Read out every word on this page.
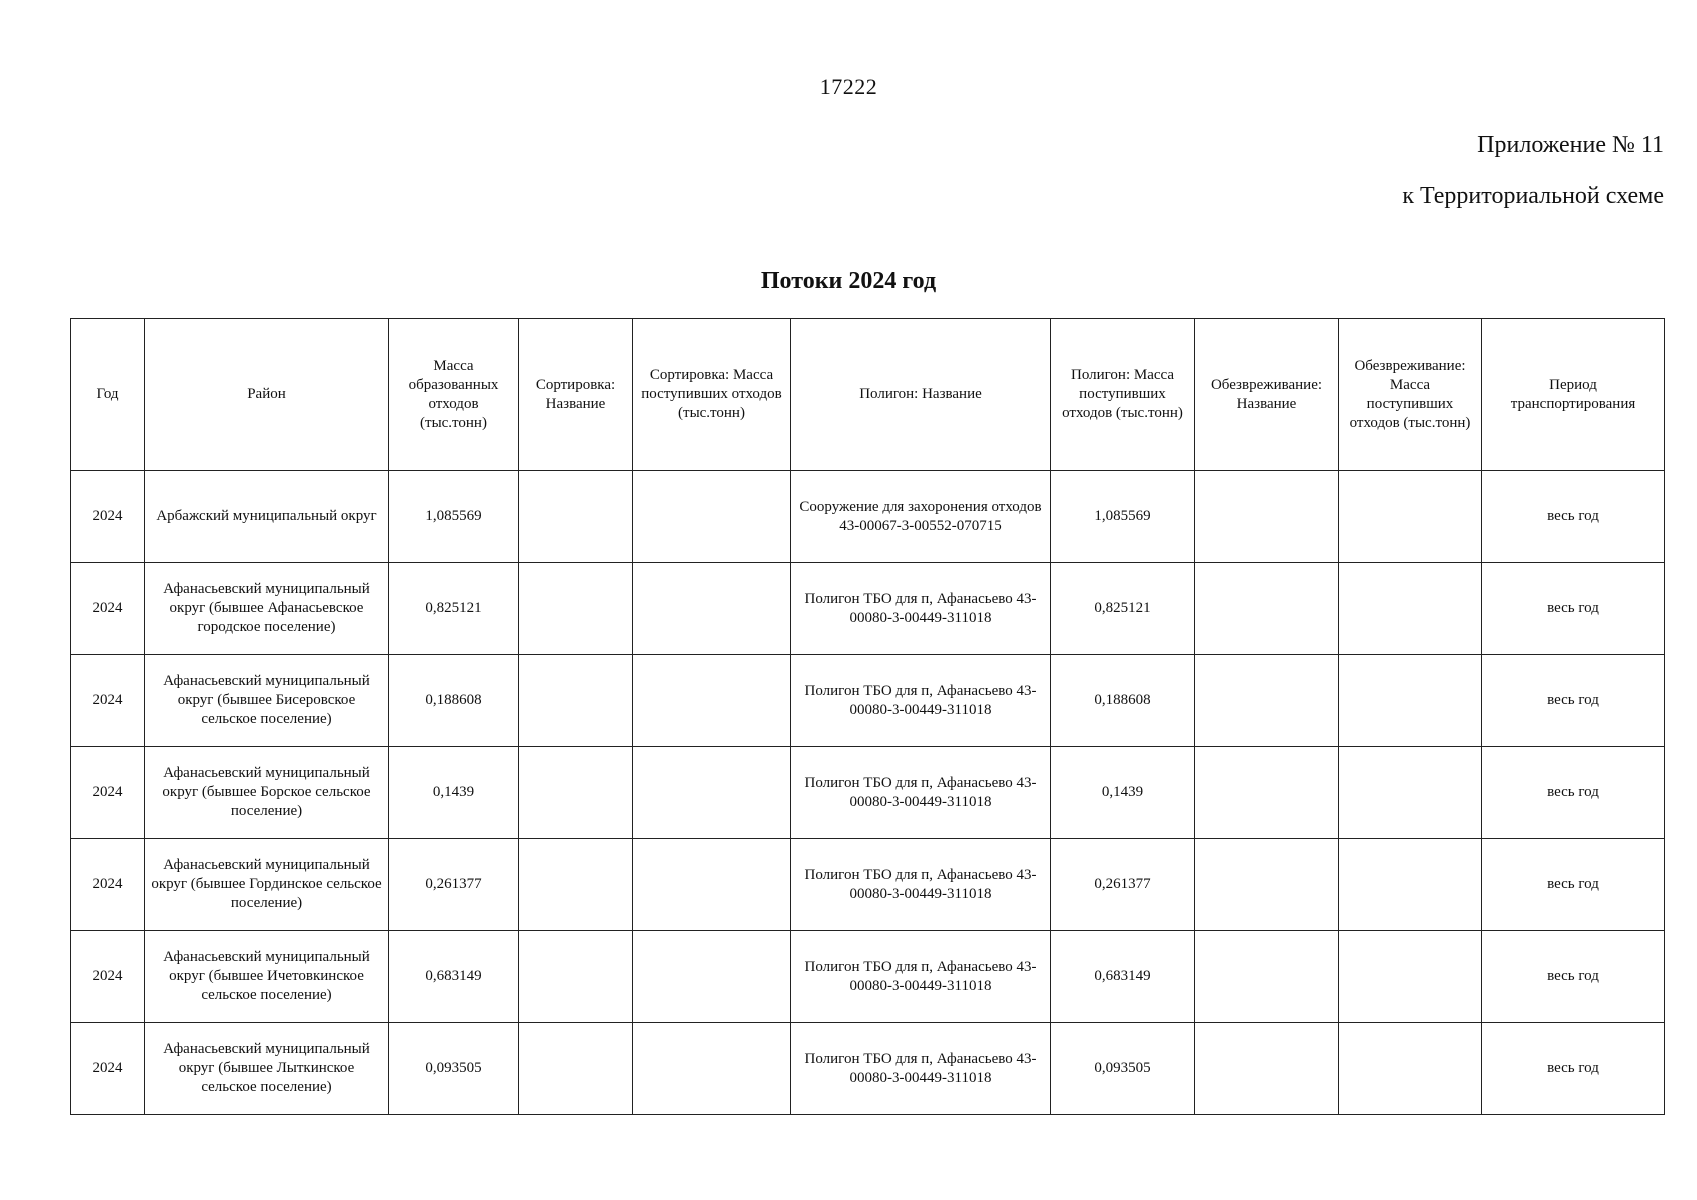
17222
Приложение № 11
к Территориальной схеме
Потоки 2024 год
Год	Район	Масса образованных отходов (тыс.тонн)	Сортировка: Название	Сортировка: Масса поступивших отходов (тыс.тонн)	Полигон: Название	Полигон: Масса поступивших отходов (тыс.тонн)	Обезвреживание: Название	Обезвреживание: Масса поступивших отходов (тыс.тонн)	Период транспортирования
2024	Арбажский муниципальный округ	1,085569			Сооружение для захоронения отходов 43-00067-3-00552-070715	1,085569			весь год
2024	Афанасьевский муниципальный округ (бывшее Афанасьевское городское поселение)	0,825121			Полигон ТБО для п, Афанасьево 43-00080-3-00449-311018	0,825121			весь год
2024	Афанасьевский муниципальный округ (бывшее Бисеровское сельское поселение)	0,188608			Полигон ТБО для п, Афанасьево 43-00080-3-00449-311018	0,188608			весь год
2024	Афанасьевский муниципальный округ (бывшее Борское сельское поселение)	0,1439			Полигон ТБО для п, Афанасьево 43-00080-3-00449-311018	0,1439			весь год
2024	Афанасьевский муниципальный округ (бывшее Гординское сельское поселение)	0,261377			Полигон ТБО для п, Афанасьево 43-00080-3-00449-311018	0,261377			весь год
2024	Афанасьевский муниципальный округ (бывшее Ичетовкинское сельское поселение)	0,683149			Полигон ТБО для п, Афанасьево 43-00080-3-00449-311018	0,683149			весь год
2024	Афанасьевский муниципальный округ (бывшее Лыткинское сельское поселение)	0,093505			Полигон ТБО для п, Афанасьево 43-00080-3-00449-311018	0,093505			весь год
